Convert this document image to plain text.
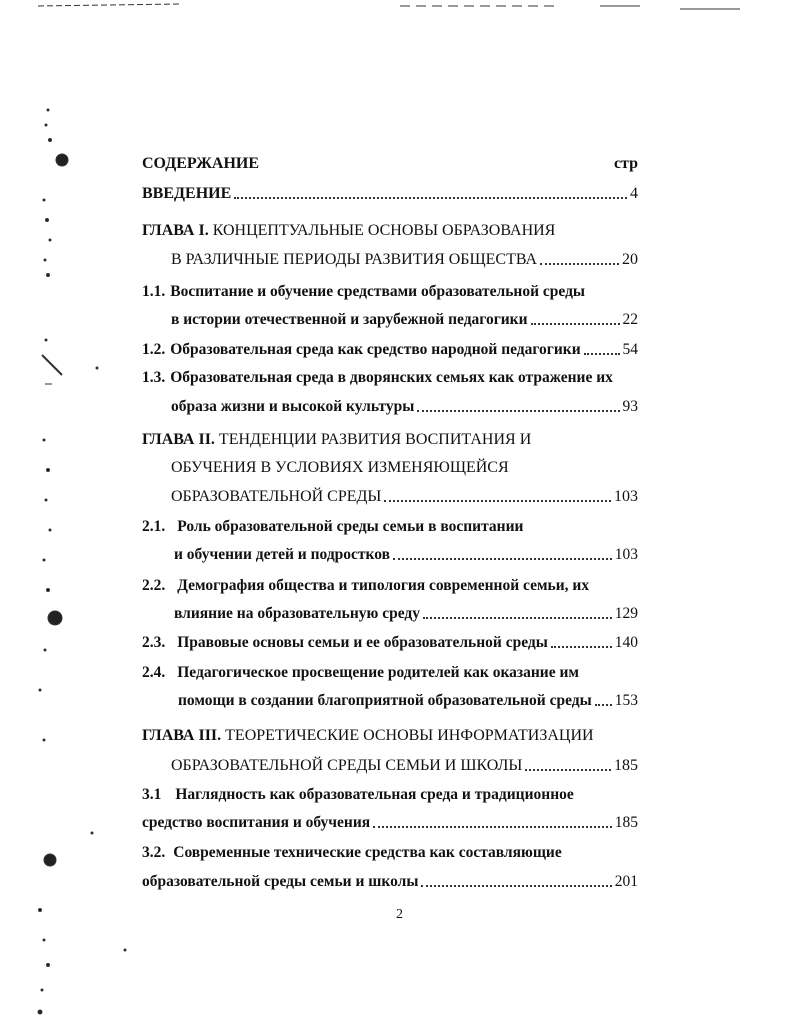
СОДЕРЖАНИЕ	стр
ВВЕДЕНИЕ	4
ГЛАВА I. КОНЦЕПТУАЛЬНЫЕ ОСНОВЫ ОБРАЗОВАНИЯ
В РАЗЛИЧНЫЕ ПЕРИОДЫ РАЗВИТИЯ ОБЩЕСТВА	20
1.1. Воспитание и обучение средствами образовательной среды
в истории отечественной и зарубежной педагогики	22
1.2. Образовательная среда как средство народной педагогики	54
1.3. Образовательная среда в дворянских семьях как отражение их
образа жизни и высокой культуры	93
ГЛАВА II. ТЕНДЕНЦИИ РАЗВИТИЯ ВОСПИТАНИЯ И
ОБУЧЕНИЯ В УСЛОВИЯХ ИЗМЕНЯЮЩЕЙСЯ
ОБРАЗОВАТЕЛЬНОЙ СРЕДЫ	103
2.1. Роль образовательной среды семьи в воспитании
и обучении детей и подростков	103
2.2. Демография общества и типология современной семьи, их
влияние на образовательную среду	129
2.3. Правовые основы семьи и ее образовательной среды	140
2.4. Педагогическое просвещение родителей как оказание им
помощи в создании благоприятной образовательной среды 153
ГЛАВА III. ТЕОРЕТИЧЕСКИЕ ОСНОВЫ ИНФОРМАТИЗАЦИИ
ОБРАЗОВАТЕЛЬНОЙ СРЕДЫ СЕМЬИ И ШКОЛЫ	185
3.1 Наглядность как образовательная среда и традиционное
средство воспитания и обучения	185
3.2. Современные технические средства как составляющие
образовательной среды семьи и школы	201
2
